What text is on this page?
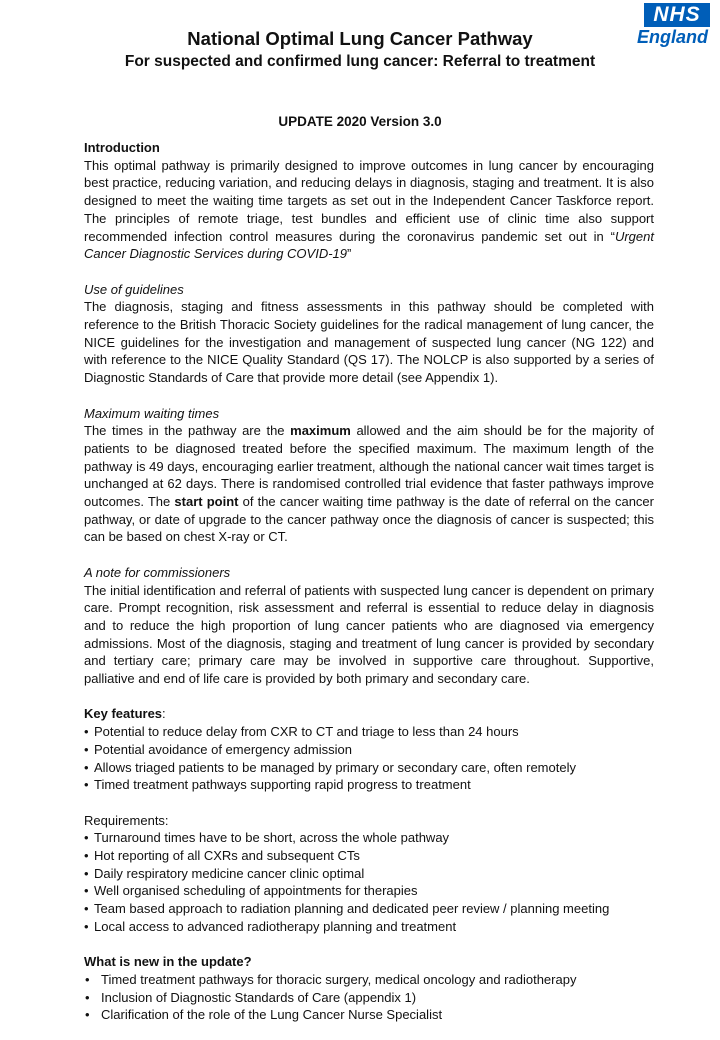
NHS
England
National Optimal Lung Cancer Pathway
For suspected and confirmed lung cancer: Referral to treatment
UPDATE 2020 Version 3.0
Introduction

This optimal pathway is primarily designed to improve outcomes in lung cancer by encouraging best practice, reducing variation, and reducing delays in diagnosis, staging and treatment. It is also designed to meet the waiting time targets as set out in the Independent Cancer Taskforce report. The principles of remote triage, test bundles and efficient use of clinic time also support recommended infection control measures during the coronavirus pandemic set out in “Urgent Cancer Diagnostic Services during COVID-19”

Use of guidelines

The diagnosis, staging and fitness assessments in this pathway should be completed with reference to the British Thoracic Society guidelines for the radical management of lung cancer, the NICE guidelines for the investigation and management of suspected lung cancer (NG 122) and with reference to the NICE Quality Standard (QS 17). The NOLCP is also supported by a series of Diagnostic Standards of Care that provide more detail (see Appendix 1).

Maximum waiting times

The times in the pathway are the maximum allowed and the aim should be for the majority of patients to be diagnosed treated before the specified maximum. The maximum length of the pathway is 49 days, encouraging earlier treatment, although the national cancer wait times target is unchanged at 62 days. There is randomised controlled trial evidence that faster pathways improve outcomes. The start point of the cancer waiting time pathway is the date of referral on the cancer pathway, or date of upgrade to the cancer pathway once the diagnosis of cancer is suspected; this can be based on chest X-ray or CT.

A note for commissioners

The initial identification and referral of patients with suspected lung cancer is dependent on primary care. Prompt recognition, risk assessment and referral is essential to reduce delay in diagnosis and to reduce the high proportion of lung cancer patients who are diagnosed via emergency admissions. Most of the diagnosis, staging and treatment of lung cancer is provided by secondary and tertiary care; primary care may be involved in supportive care throughout. Supportive, palliative and end of life care is provided by both primary and secondary care.

Key features:
• Potential to reduce delay from CXR to CT and triage to less than 24 hours
• Potential avoidance of emergency admission
• Allows triaged patients to be managed by primary or secondary care, often remotely
• Timed treatment pathways supporting rapid progress to treatment
Requirements:
• Turnaround times have to be short, across the whole pathway
• Hot reporting of all CXRs and subsequent CTs
• Daily respiratory medicine cancer clinic optimal
• Well organised scheduling of appointments for therapies
• Team based approach to radiation planning and dedicated peer review / planning meeting
• Local access to advanced radiotherapy planning and treatment
What is new in the update?
• Timed treatment pathways for thoracic surgery, medical oncology and radiotherapy
• Inclusion of Diagnostic Standards of Care (appendix 1)
• Clarification of the role of the Lung Cancer Nurse Specialist
